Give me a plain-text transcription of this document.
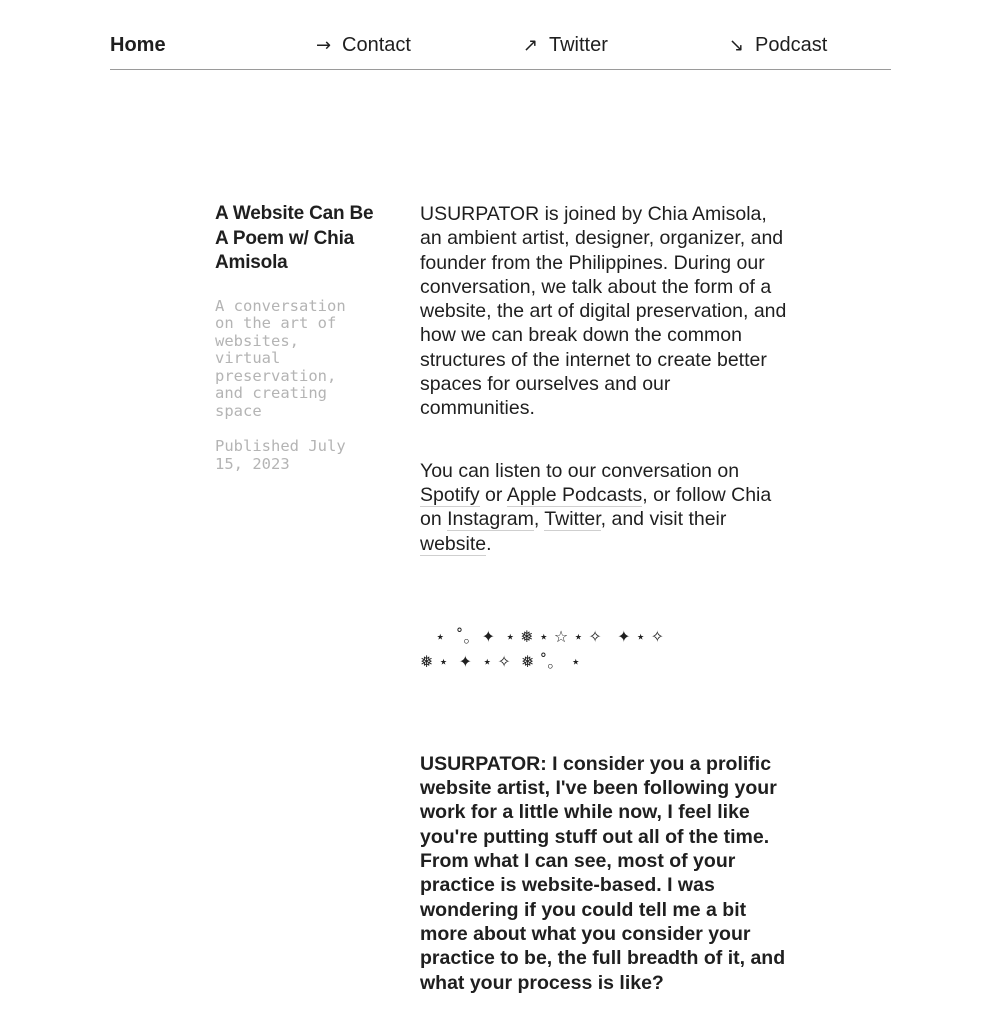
Home	→ Contact	↗ Twitter	↘ Podcast
A Website Can Be A Poem w/ Chia Amisola
A conversation
on the art of
websites,
virtual
preservation,
and creating
space
Published July
15, 2023

USURPATOR is joined by Chia Amisola, an ambient artist, designer, organizer, and founder from the Philippines. During our conversation, we talk about the form of a website, the art of digital preservation, and how we can break down the common structures of the internet to create better spaces for ourselves and our communities.

You can listen to our conversation on Spotify or Apple Podcasts, or follow Chia on Instagram, Twitter, and visit their website.

⋆  ˚｡  ✦  ⋆ ❅ ⋆ ☆ ⋆ ✧   ✦ ⋆ ✧
❅ ⋆  ✦  ⋆ ✧  ❅ ˚｡   ⋆

USURPATOR: I consider you a prolific website artist, I've been following your work for a little while now, I feel like you're putting stuff out all of the time. From what I can see, most of your practice is website-based. I was wondering if you could tell me a bit more about what you consider your practice to be, the full breadth of it, and what your process is like?
